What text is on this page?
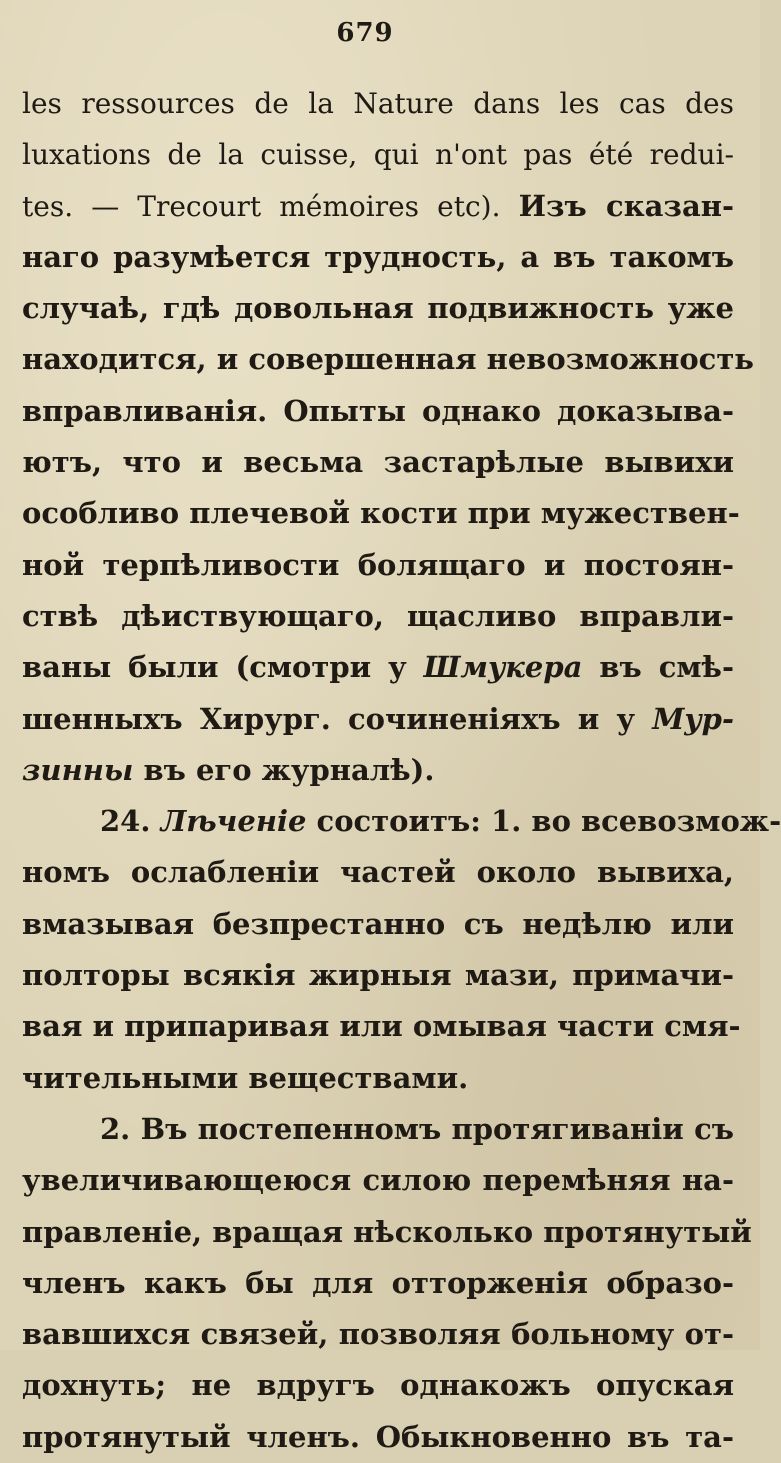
679
les ressources de la Nature dans les cas des
luxations de la cuisse, qui n'ont pas été redui-
tes. — Trecourt mémoires etc). Изъ сказан-
наго разумѣется трудность, а въ такомъ
случаѣ, гдѣ довольная подвижность уже
находится, и совершенная невозможность
вправливанія. Опыты однако доказыва-
ютъ, что и весьма застарѣлые вывихи
особливо плечевой кости при мужествен-
ной терпѣливости болящаго и постоян-
ствѣ дѣиствующаго, щасливо вправли-
ваны были (смотри у Шмукера въ смѣ-
шенныхъ Хирург. сочиненіяхъ и у Мур-
зинны въ его журналѣ).
24. Лѣченіе состоитъ: 1. во всевозмож-
номъ ослабленіи частей около вывиха,
вмазывая безпрестанно съ недѣлю или
полторы всякія жирныя мази, примачи-
вая и припаривая или омывая части смя-
чительными веществами.
2. Въ постепенномъ протягиваніи съ
увеличивающеюся силою перемѣняя на-
правленіе, вращая нѣсколько протянутый
членъ какъ бы для отторженія образо-
вавшихся связей, позволяя больному от-
дохнуть; не вдругъ однакожъ опуская
протянутый членъ. Обыкновенно въ та-
